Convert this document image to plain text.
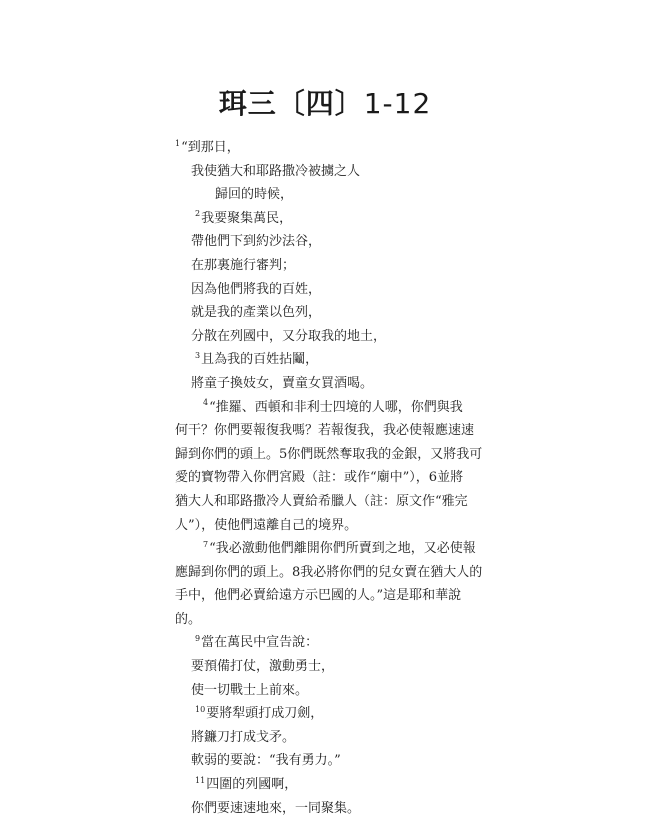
珥三〔四〕1-12
$^1$“到那日，
我使猶大和耶路撒冷被擄之人
歸回的時候，
$^2$我要聚集萬民，
帶他們下到約沙法谷，
在那裏施行審判；
因為他們將我的百姓，
就是我的產業以色列，
分散在列國中，又分取我的地土，
$^3$且為我的百姓拈鬮，
將童子換妓女，賣童女買酒喝。
$^4$“推羅、西頓和非利士四境的人哪，你們與我
何干？你們要報復我嗎？若報復我，我必使報應速速
歸到你們的頭上。5你們既然奪取我的金銀，又將我可
愛的寶物帶入你們宮殿（註：或作“廟中”），6並將
猶大人和耶路撒冷人賣給希臘人（註：原文作“雅完
人”），使他們遠離自己的境界。
$^7$“我必激動他們離開你們所賣到之地，又必使報
應歸到你們的頭上。8我必將你們的兒女賣在猶大人的
手中，他們必賣給遠方示巴國的人。”這是耶和華說
的。
$^9$當在萬民中宣告說：
要預備打仗，激動勇士，
使一切戰士上前來。
$^{10}$要將犁頭打成刀劍，
將鐮刀打成戈矛。
軟弱的要說：“我有勇力。”
$^{11}$四圍的列國啊，
你們要速速地來，一同聚集。
